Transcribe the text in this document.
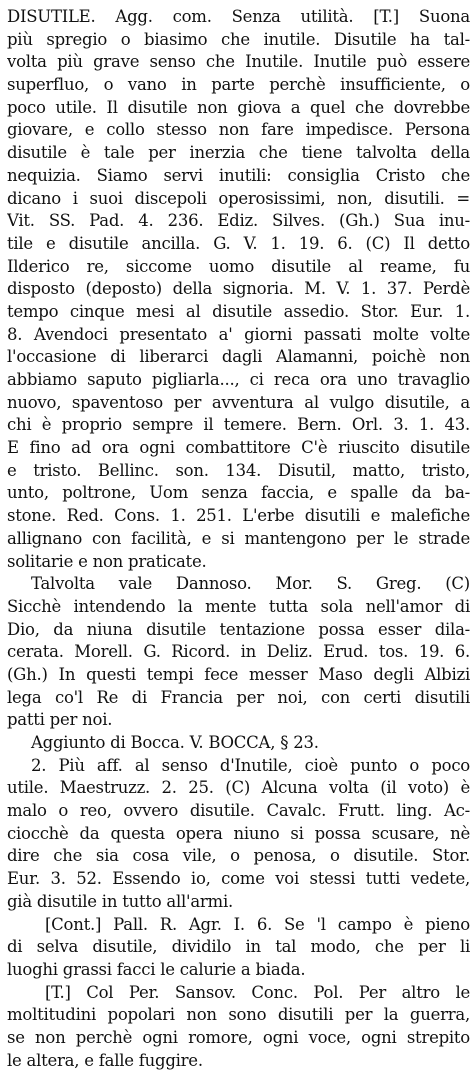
DISUTILE. Agg. com. Senza utilità. [T.] Suona
più spregio o biasimo che inutile. Disutile ha tal-
volta più grave senso che Inutile. Inutile può essere
superfluo, o vano in parte perchè insufficiente, o
poco utile. Il disutile non giova a quel che dovrebbe
giovare, e collo stesso non fare impedisce. Persona
disutile è tale per inerzia che tiene talvolta della
nequizia. Siamo servi inutili: consiglia Cristo che
dicano i suoi discepoli operosissimi, non, disutili. =
Vit. SS. Pad. 4. 236. Ediz. Silves. (Gh.) Sua inu-
tile e disutile ancilla. G. V. 1. 19. 6. (C) Il detto
Ilderico re, siccome uomo disutile al reame, fu
disposto (deposto) della signoria. M. V. 1. 37. Perdè
tempo cinque mesi al disutile assedio. Stor. Eur. 1.
8. Avendoci presentato a' giorni passati molte volte
l'occasione di liberarci dagli Alamanni, poichè non
abbiamo saputo pigliarla..., ci reca ora uno travaglio
nuovo, spaventoso per avventura al vulgo disutile, a
chi è proprio sempre il temere. Bern. Orl. 3. 1. 43.
E fino ad ora ogni combattitore C'è riuscito disutile
e tristo. Bellinc. son. 134. Disutil, matto, tristo,
unto, poltrone, Uom senza faccia, e spalle da ba-
stone. Red. Cons. 1. 251. L'erbe disutili e malefiche
allignano con facilità, e si mantengono per le strade
solitarie e non praticate.
Talvolta vale Dannoso. Mor. S. Greg. (C)
Sicchè intendendo la mente tutta sola nell'amor di
Dio, da niuna disutile tentazione possa esser dila-
cerata. Morell. G. Ricord. in Deliz. Erud. tos. 19. 6.
(Gh.) In questi tempi fece messer Maso degli Albizi
lega co'l Re di Francia per noi, con certi disutili
patti per noi.
Aggiunto di Bocca. V. BOCCA, § 23.
2. Più aff. al senso d'Inutile, cioè punto o poco
utile. Maestruzz. 2. 25. (C) Alcuna volta (il voto) è
malo o reo, ovvero disutile. Cavalc. Frutt. ling. Ac-
ciocchè da questa opera niuno si possa scusare, nè
dire che sia cosa vile, o penosa, o disutile. Stor.
Eur. 3. 52. Essendo io, come voi stessi tutti vedete,
già disutile in tutto all'armi.
[Cont.] Pall. R. Agr. I. 6. Se 'l campo è pieno
di selva disutile, dividilo in tal modo, che per li
luoghi grassi facci le calurie a biada.
[T.] Col Per. Sansov. Conc. Pol. Per altro le
moltitudini popolari non sono disutili per la guerra,
se non perchè ogni romore, ogni voce, ogni strepito
le altera, e falle fuggire.
